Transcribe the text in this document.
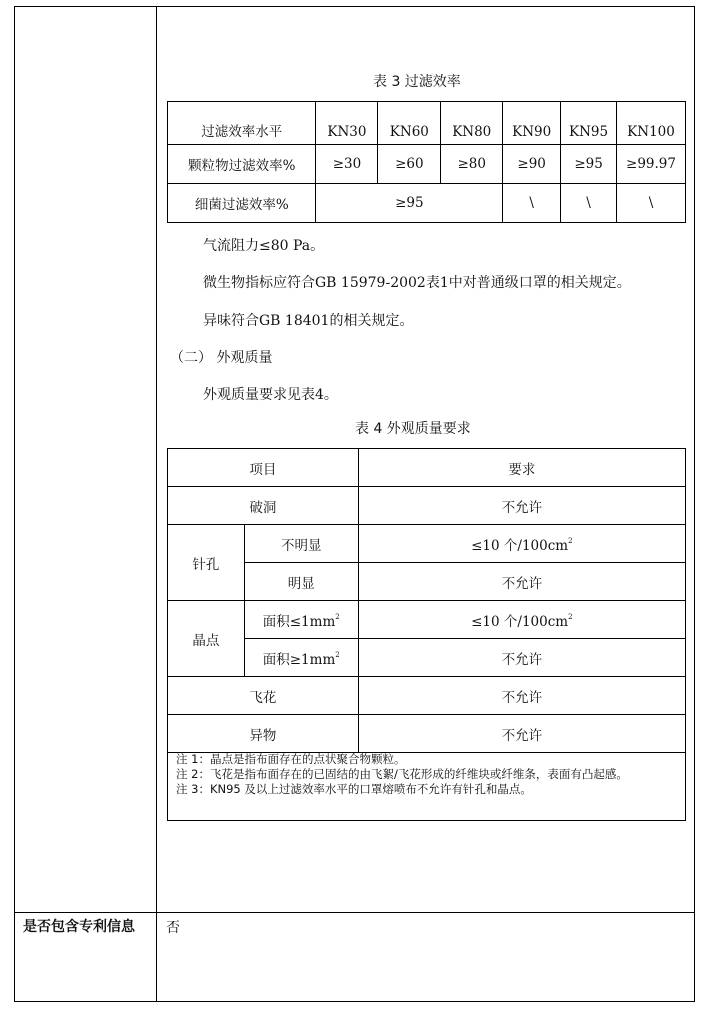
表 3 过滤效率
过滤效率水平	KN30	KN60	KN80	KN90	KN95	KN100
颗粒物过滤效率%	≥30	≥60	≥80	≥90	≥95	≥99.97
细菌过滤效率%	≥95			\	\	\
气流阻力≤80 Pa。
微生物指标应符合GB 15979-2002表1中对普通级口罩的相关规定。
异味符合GB 18401的相关规定。
（二） 外观质量
外观质量要求见表4。
表 4 外观质量要求
项目		要求
破洞		不允许
针孔	不明显	≤10 个$/100cm^2$
	明显	不允许
晶点	面积$\le 1mm^2$	≤10 个$/100cm^2$
	面积$\ge 1mm^2$	不允许
飞花		不允许
异物		不允许
注 1：晶点是指布面存在的点状聚合物颗粒。
注 2：飞花是指布面存在的已固结的由飞絮/飞花形成的纤维块或纤维条，表面有凸起感。
注 3：KN95 及以上过滤效率水平的口罩熔喷布不允许有针孔和晶点。
是否包含专利信息	否
